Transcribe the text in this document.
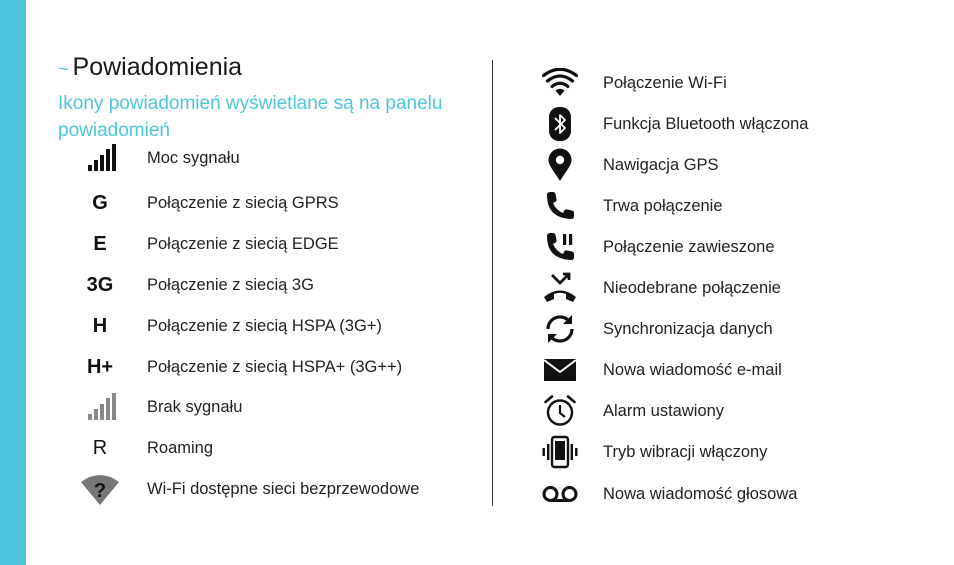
~ Powiadomienia
Ikony powiadomień wyświetlane są na panelu powiadomień
Moc sygnału
G Połączenie z siecią GPRS
E Połączenie z siecią EDGE
3G Połączenie z siecią 3G
H Połączenie z siecią HSPA (3G+)
H+ Połączenie z siecią HSPA+ (3G++)
Brak sygnału
R Roaming
? Wi-Fi dostępne sieci bezprzewodowe
Połączenie Wi-Fi
Funkcja Bluetooth włączona
Nawigacja GPS
Trwa połączenie
Połączenie zawieszone
Nieodebrane połączenie
Synchronizacja danych
Nowa wiadomość e-mail
Alarm ustawiony
Tryb wibracji włączony
Nowa wiadomość głosowa
